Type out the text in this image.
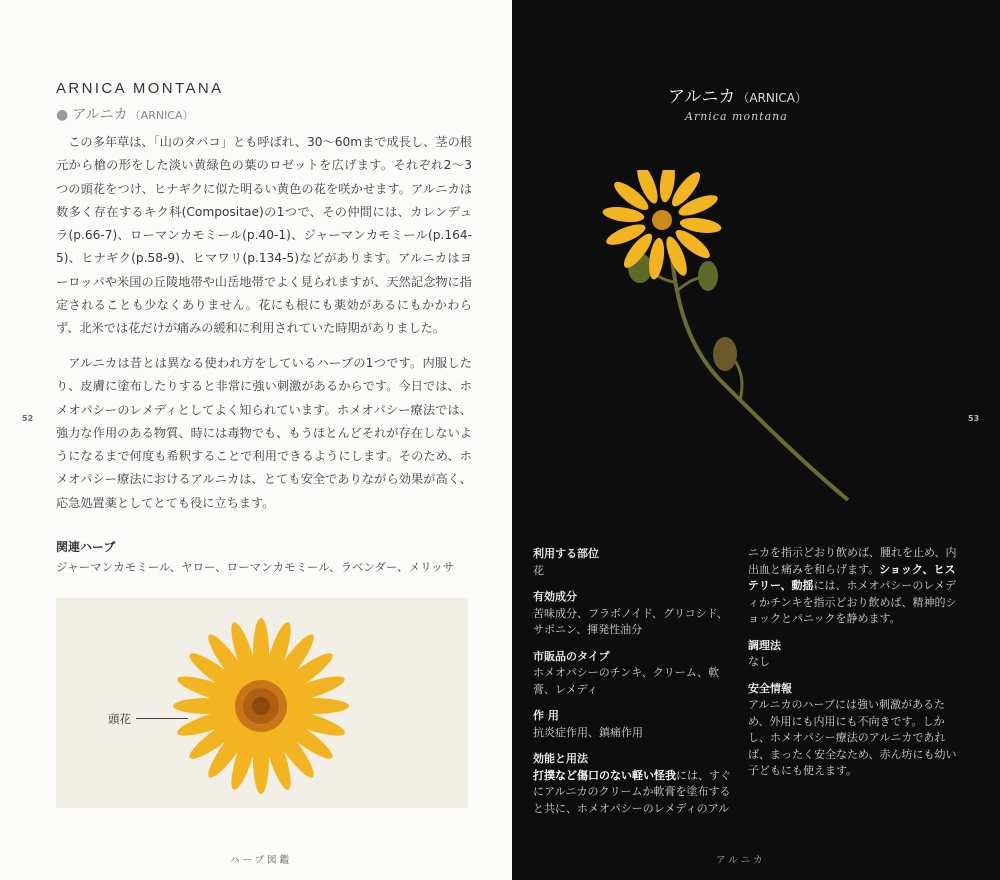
ARNICA MONTANA
● アルニカ （ARNICA）
この多年草は、「山のタバコ」とも呼ばれ、30〜60mまで成長し、茎の根元から槍の形をした淡い黄緑色の葉のロゼットを広げます。それぞれ2〜3つの頭花をつけ、ヒナギクに似た明るい黄色の花を咲かせます。アルニカは数多く存在するキク科(Compositae)の1つで、その仲間には、カレンデュラ(p.66-7)、ローマンカモミール(p.40-1)、ジャーマンカモミール(p.164-5)、ヒナギク(p.58-9)、ヒマワリ(p.134-5)などがあります。アルニカはヨーロッパや米国の丘陵地帯や山岳地帯でよく見られますが、天然記念物に指定されることも少なくありません。花にも根にも薬効があるにもかかわらず、北米では花だけが痛みの緩和に利用されていた時期がありました。
アルニカは昔とは異なる使われ方をしているハーブの1つです。内服したり、皮膚に塗布したりすると非常に強い刺激があるからです。今日では、ホメオパシーのレメディとしてよく知られています。ホメオパシー療法では、強力な作用のある物質、時には毒物でも、もうほとんどそれが存在しないようになるまで何度も希釈することで利用できるようにします。そのため、ホメオパシー療法におけるアルニカは、とても安全でありながら効果が高く、応急処置薬としてとても役に立ちます。
52
関連ハーブ
ジャーマンカモミール、ヤロー、ローマンカモミール、ラベンダー、メリッサ
頭花
ハーブ図鑑
アルニカ （ARNICA）
Arnica montana
53
利用する部位
花
有効成分
苦味成分、フラボノイド、グリコシド、サポニン、揮発性油分
市販品のタイプ
ホメオパシーのチンキ、クリーム、軟膏、レメディ
作 用
抗炎症作用、鎮痛作用
効能と用法
打撲など傷口のない軽い怪我には、すぐにアルニカのクリームか軟膏を塗布すると共に、ホメオパシーのレメディのアル
ニカを指示どおり飲めば、腫れを止め、内出血と痛みを和らげます。ショック、ヒステリー、動揺には、ホメオパシーのレメディかチンキを指示どおり飲めば、精神的ショックとパニックを静めます。
調理法
なし
安全情報
アルニカのハーブには強い刺激があるため、外用にも内用にも不向きです。しかし、ホメオパシー療法のアルニカであれば、まったく安全なため、赤ん坊にも幼い子どもにも使えます。
アルニカ
